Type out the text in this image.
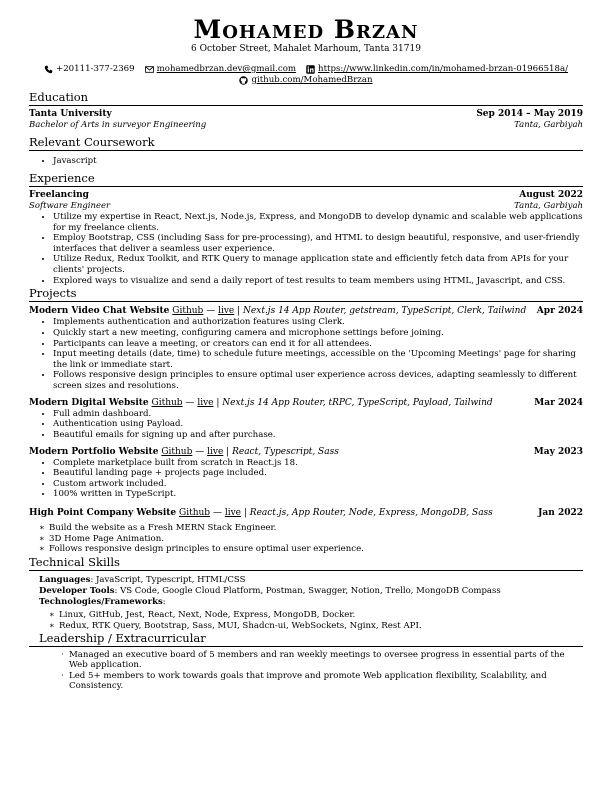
Mohamed Brzan
6 October Street, Mahalet Marhoum, Tanta 31719
+20111-377-2369	mohamedbrzan.dev@gmail.com	https://www.linkedin.com/in/mohamed-brzan-01966518a/
github.com/MohamedBrzan
Education
Tanta University	Sep 2014 – May 2019
Bachelor of Arts in surveyor Engineering	Tanta, Garbiyah
Relevant Coursework
• Javascript
Experience
Freelancing	August 2022
Software Engineer	Tanta, Garbiyah
• Utilize my expertise in React, Next.js, Node.js, Express, and MongoDB to develop dynamic and scalable web applications for my freelance clients.
• Employ Bootstrap, CSS (including Sass for pre-processing), and HTML to design beautiful, responsive, and user-friendly interfaces that deliver a seamless user experience.
• Utilize Redux, Redux Toolkit, and RTK Query to manage application state and efficiently fetch data from APIs for your clients' projects.
• Explored ways to visualize and send a daily report of test results to team members using HTML, Javascript, and CSS.
Projects
Modern Video Chat Website Github — live | Next.js 14 App Router, getstream, TypeScript, Clerk, Tailwind Apr 2024
• Implements authentication and authorization features using Clerk.
• Quickly start a new meeting, configuring camera and microphone settings before joining.
• Participants can leave a meeting, or creators can end it for all attendees.
• Input meeting details (date, time) to schedule future meetings, accessible on the 'Upcoming Meetings' page for sharing the link or immediate start.
• Follows responsive design principles to ensure optimal user experience across devices, adapting seamlessly to different screen sizes and resolutions.
Modern Digital Website Github — live | Next.js 14 App Router, tRPC, TypeScript, Payload, Tailwind	Mar 2024
• Full admin dashboard.
• Authentication using Payload.
• Beautiful emails for signing up and after purchase.
Modern Portfolio Website Github — live | React, Typescript, Sass	May 2023
• Complete marketplace built from scratch in React.js 18.
• Beautiful landing page + projects page included.
• Custom artwork included.
• 100% written in TypeScript.
High Point Company Website Github — live | React.js, App Router, Node, Express, MongoDB, Sass	Jan 2022
∗ Build the website as a Fresh MERN Stack Engineer.
∗ 3D Home Page Animation.
∗ Follows responsive design principles to ensure optimal user experience.
Technical Skills
Languages: JavaScript, Typescript, HTML/CSS
Developer Tools: VS Code, Google Cloud Platform, Postman, Swagger, Notion, Trello, MongoDB Compass
Technologies/Frameworks:
∗ Linux, GitHub, Jest, React, Next, Node, Express, MongoDB, Docker.
∗ Redux, RTK Query, Bootstrap, Sass, MUI, Shadcn-ui, WebSockets, Nginx, Rest API.
Leadership / Extracurricular
· Managed an executive board of 5 members and ran weekly meetings to oversee progress in essential parts of the Web application.
· Led 5+ members to work towards goals that improve and promote Web application flexibility, Scalability, and Consistency.
